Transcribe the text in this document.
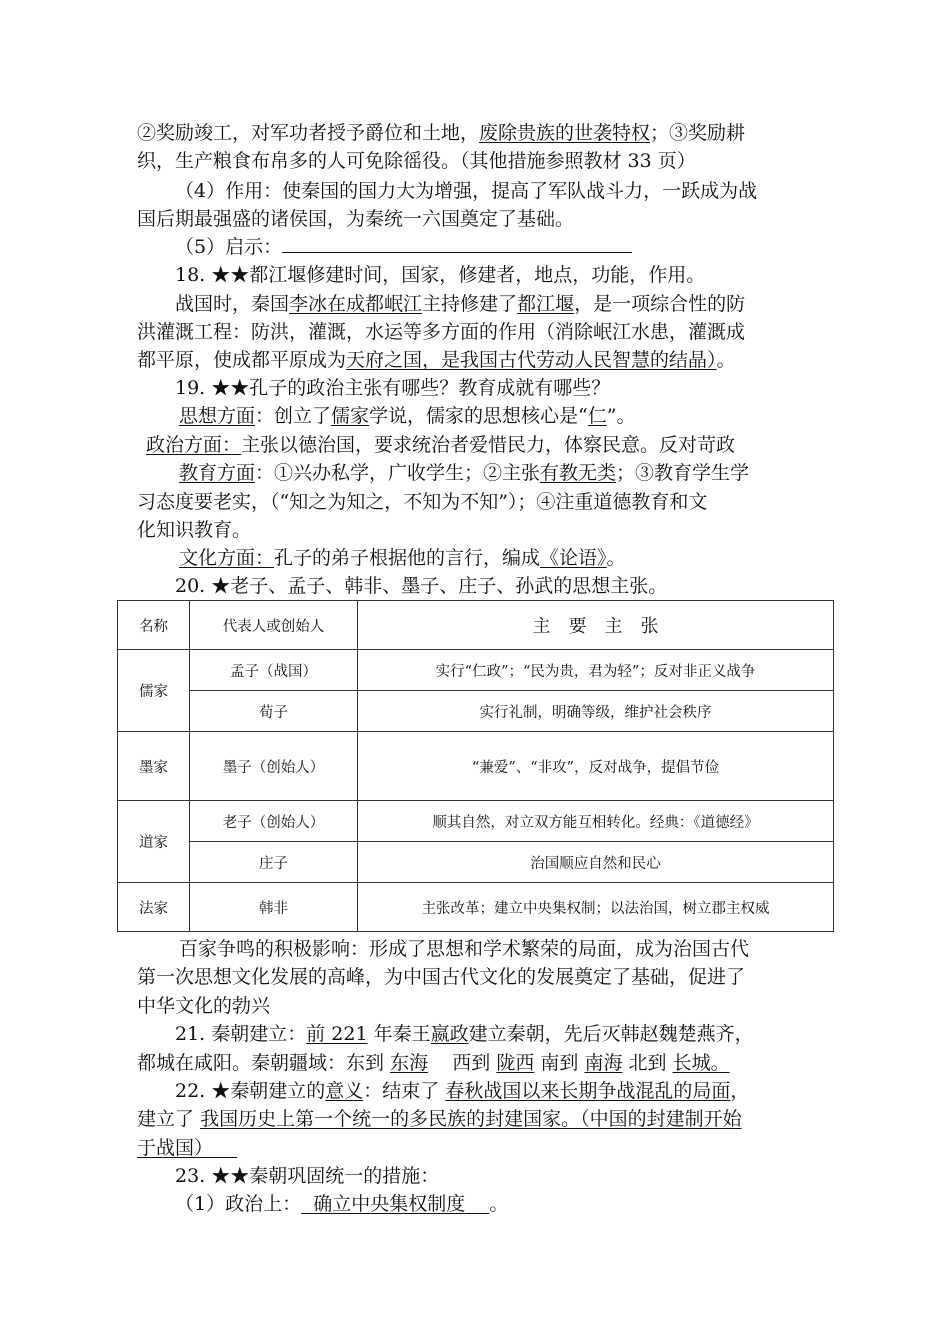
②奖励竣工，对军功者授予爵位和土地，废除贵族的世袭特权；③奖励耕
织，生产粮食布帛多的人可免除徭役。（其他措施参照教材 33 页）
（4）作用：使秦国的国力大为增强，提高了军队战斗力，一跃成为战
国后期最强盛的诸侯国，为秦统一六国奠定了基础。
（5）启示：
18. ★★都江堰修建时间，国家，修建者，地点，功能，作用。
战国时，秦国李冰在成都岷江主持修建了都江堰，是一项综合性的防
洪灌溉工程：防洪，灌溉，水运等多方面的作用（消除岷江水患，灌溉成
都平原，使成都平原成为天府之国，是我国古代劳动人民智慧的结晶）。
19. ★★孔子的政治主张有哪些？教育成就有哪些？
思想方面：创立了儒家学说，儒家的思想核心是“仁”。
政治方面：主张以德治国，要求统治者爱惜民力，体察民意。反对苛政
教育方面：①兴办私学，广收学生；②主张有教无类；③教育学生学
习态度要老实，（“知之为知之，不知为不知”）；④注重道德教育和文
化知识教育。
文化方面：孔子的弟子根据他的言行，编成《论语》。
20. ★老子、孟子、韩非、墨子、庄子、孙武的思想主张。
名称	代表人或创始人	主　要　主　张
儒家	孟子（战国）	实行“仁政”；“民为贵，君为轻”；反对非正义战争
	荀子	实行礼制，明确等级，维护社会秩序
墨家	墨子（创始人）	“兼爱”、“非攻”，反对战争，提倡节俭
道家	老子（创始人）	顺其自然，对立双方能互相转化。经典：《道德经》
	庄子	治国顺应自然和民心
法家	韩非	主张改革；建立中央集权制；以法治国，树立郡主权威
百家争鸣的积极影响：形成了思想和学术繁荣的局面，成为治国古代
第一次思想文化发展的高峰，为中国古代文化的发展奠定了基础，促进了
中华文化的勃兴
21. 秦朝建立：前 221 年秦王嬴政建立秦朝，先后灭韩赵魏楚燕齐，
都城在咸阳。秦朝疆域：东到 东海 西到 陇西 南到 南海 北到 长城。
22. ★秦朝建立的意义：结束了 春秋战国以来长期争战混乱的局面，
建立了 我国历史上第一个统一的多民族的封建国家。（中国的封建制开始
于战国）
23. ★★秦朝巩固统一的措施：
（1）政治上： 确立中央集权制度 。
